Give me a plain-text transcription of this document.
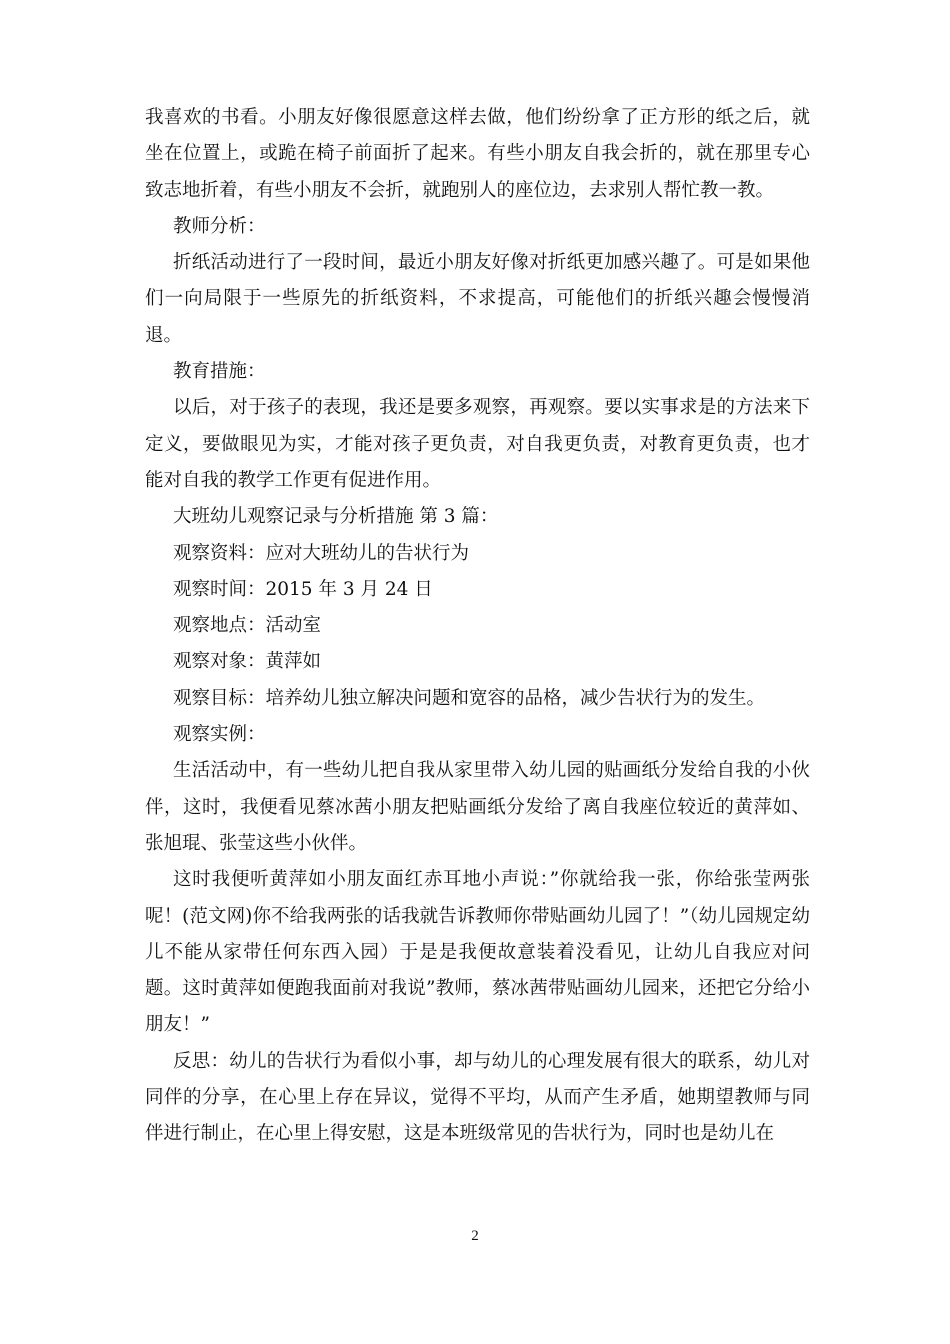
我喜欢的书看。小朋友好像很愿意这样去做，他们纷纷拿了正方形的纸之后，就坐在位置上，或跪在椅子前面折了起来。有些小朋友自我会折的，就在那里专心致志地折着，有些小朋友不会折，就跑别人的座位边，去求别人帮忙教一教。

教师分析：

折纸活动进行了一段时间，最近小朋友好像对折纸更加感兴趣了。可是如果他们一向局限于一些原先的折纸资料，不求提高，可能他们的折纸兴趣会慢慢消退。

教育措施：

以后，对于孩子的表现，我还是要多观察，再观察。要以实事求是的方法来下定义，要做眼见为实，才能对孩子更负责，对自我更负责，对教育更负责，也才能对自我的教学工作更有促进作用。

大班幼儿观察记录与分析措施 第 3 篇：

观察资料：应对大班幼儿的告状行为

观察时间：2015 年 3 月 24 日

观察地点：活动室

观察对象：黄萍如

观察目标：培养幼儿独立解决问题和宽容的品格，减少告状行为的发生。

观察实例：

生活活动中，有一些幼儿把自我从家里带入幼儿园的贴画纸分发给自我的小伙伴，这时，我便看见蔡冰茜小朋友把贴画纸分发给了离自我座位较近的黄萍如、张旭琨、张莹这些小伙伴。

这时我便听黄萍如小朋友面红赤耳地小声说：”你就给我一张，你给张莹两张呢！(范文网)你不给我两张的话我就告诉教师你带贴画幼儿园了！”（幼儿园规定幼儿不能从家带任何东西入园）于是是我便故意装着没看见，让幼儿自我应对问题。这时黄萍如便跑我面前对我说”教师，蔡冰茜带贴画幼儿园来，还把它分给小朋友！”

反思：幼儿的告状行为看似小事，却与幼儿的心理发展有很大的联系，幼儿对同伴的分享，在心里上存在异议，觉得不平均，从而产生矛盾，她期望教师与同伴进行制止，在心里上得安慰，这是本班级常见的告状行为，同时也是幼儿在

2
